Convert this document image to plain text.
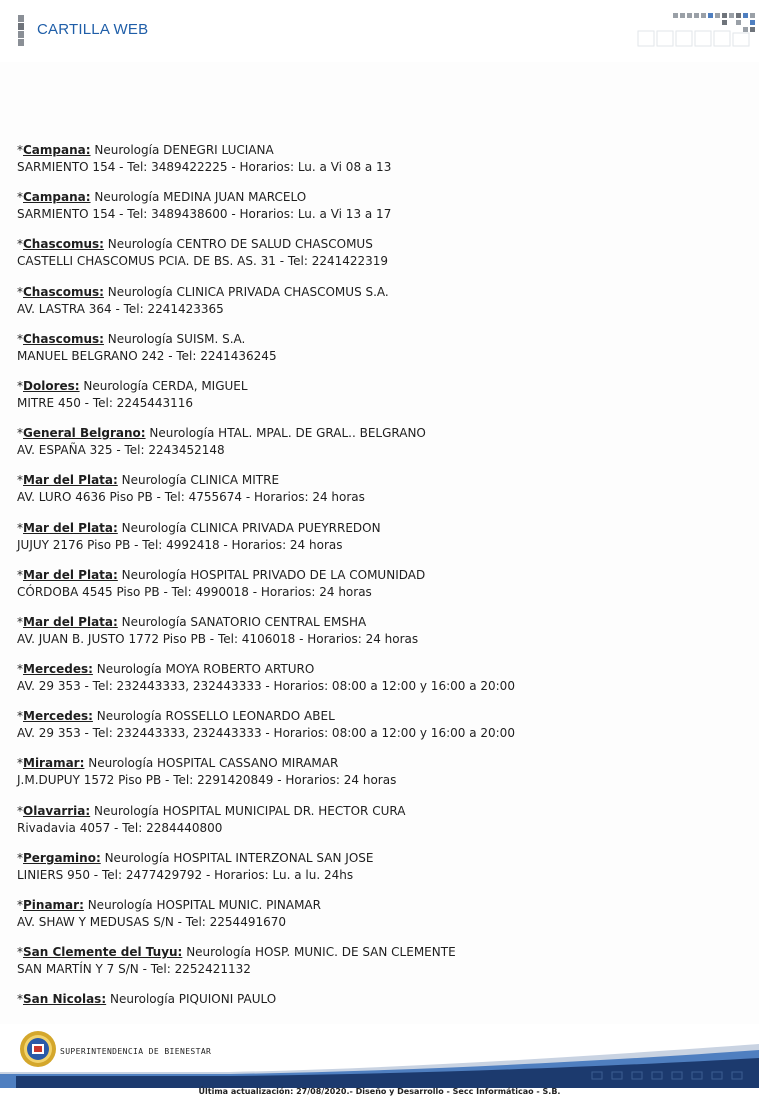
CARTILLA WEB
*Campana: Neurología DENEGRI LUCIANA
SARMIENTO 154 - Tel: 3489422225 - Horarios: Lu. a Vi 08 a 13
*Campana: Neurología MEDINA JUAN MARCELO
SARMIENTO 154 - Tel: 3489438600 - Horarios: Lu. a Vi 13 a 17
*Chascomus: Neurología CENTRO DE SALUD CHASCOMUS
CASTELLI CHASCOMUS PCIA. DE BS. AS. 31 - Tel: 2241422319
*Chascomus: Neurología CLINICA PRIVADA CHASCOMUS S.A.
AV. LASTRA 364 - Tel: 2241423365
*Chascomus: Neurología SUISM. S.A.
MANUEL BELGRANO 242 - Tel: 2241436245
*Dolores: Neurología CERDA, MIGUEL
MITRE 450 - Tel: 2245443116
*General Belgrano: Neurología HTAL. MPAL. DE GRAL.. BELGRANO
AV. ESPAÑA 325 - Tel: 2243452148
*Mar del Plata: Neurología CLINICA MITRE
AV. LURO 4636 Piso PB - Tel: 4755674 - Horarios: 24 horas
*Mar del Plata: Neurología CLINICA PRIVADA PUEYRREDON
JUJUY 2176 Piso PB - Tel: 4992418 - Horarios: 24 horas
*Mar del Plata: Neurología HOSPITAL PRIVADO DE LA COMUNIDAD
CÓRDOBA 4545 Piso PB - Tel: 4990018 - Horarios: 24 horas
*Mar del Plata: Neurología SANATORIO CENTRAL EMSHA
AV. JUAN B. JUSTO 1772 Piso PB - Tel: 4106018 - Horarios: 24 horas
*Mercedes: Neurología MOYA ROBERTO ARTURO
AV. 29 353 - Tel: 232443333, 232443333 - Horarios: 08:00 a 12:00 y 16:00 a 20:00
*Mercedes: Neurología ROSSELLO LEONARDO ABEL
AV. 29 353 - Tel: 232443333, 232443333 - Horarios: 08:00 a 12:00 y 16:00 a 20:00
*Miramar: Neurología HOSPITAL CASSANO MIRAMAR
J.M.DUPUY 1572 Piso PB - Tel: 2291420849 - Horarios: 24 horas
*Olavarria: Neurología HOSPITAL MUNICIPAL DR. HECTOR CURA
Rivadavia 4057 - Tel: 2284440800
*Pergamino: Neurología HOSPITAL INTERZONAL SAN JOSE
LINIERS 950 - Tel: 2477429792 - Horarios: Lu. a lu. 24hs
*Pinamar: Neurología HOSPITAL MUNIC. PINAMAR
AV. SHAW Y MEDUSAS S/N - Tel: 2254491670
*San Clemente del Tuyu: Neurología HOSP. MUNIC. DE SAN CLEMENTE
SAN MARTÍN Y 7 S/N - Tel: 2252421132
*San Nicolas: Neurología PIQUIONI PAULO
SUPERINTENDENCIA DE BIENESTAR
Última actualización: 27/08/2020.- Diseño y Desarrollo - Secc Informáticao - S.B.
